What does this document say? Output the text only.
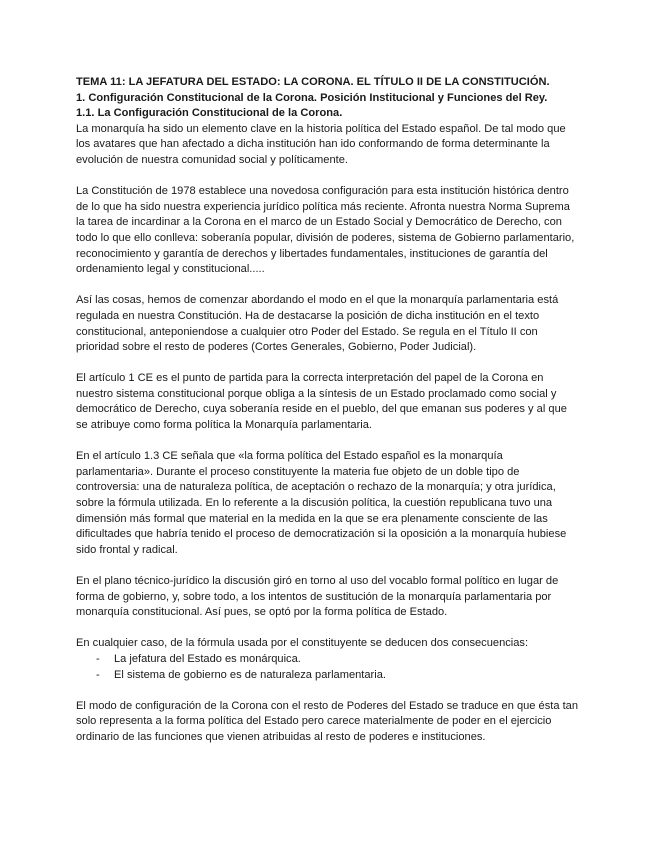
TEMA 11: LA JEFATURA DEL ESTADO: LA CORONA. EL TÍTULO II DE LA CONSTITUCIÓN.

1. Configuración Constitucional de la Corona. Posición Institucional y Funciones del Rey.

1.1. La Configuración Constitucional de la Corona.

La monarquía ha sido un elemento clave en la historia política del Estado español. De tal modo que los avatares que han afectado a dicha institución han ido conformando de forma determinante la evolución de nuestra comunidad social y políticamente.

La Constitución de 1978 establece una novedosa configuración para esta institución histórica dentro de lo que ha sido nuestra experiencia jurídico política más reciente. Afronta nuestra Norma Suprema la tarea de incardinar a la Corona en el marco de un Estado Social y Democrático de Derecho, con todo lo que ello conlleva: soberanía popular, división de poderes, sistema de Gobierno parlamentario, reconocimiento y garantía de derechos y libertades fundamentales, instituciones de garantía del ordenamiento legal y constitucional.....

Así las cosas, hemos de comenzar abordando el modo en el que la monarquía parlamentaria está regulada en nuestra Constitución. Ha de destacarse la posición de dicha institución en el texto constitucional, anteponiendose a cualquier otro Poder del Estado. Se regula en el Título II con prioridad sobre el resto de poderes (Cortes Generales, Gobierno, Poder Judicial).

El artículo 1 CE es el punto de partida para la correcta interpretación del papel de la Corona en nuestro sistema constitucional porque obliga a la síntesis de un Estado proclamado como social y democrático de Derecho, cuya soberanía reside en el pueblo, del que emanan sus poderes y al que se atribuye como forma política la Monarquía parlamentaria.

En el artículo 1.3 CE señala que «la forma política del Estado español es la monarquía parlamentaria». Durante el proceso constituyente la materia fue objeto de un doble tipo de controversia: una de naturaleza política, de aceptación o rechazo de la monarquía; y otra jurídica, sobre la fórmula utilizada. En lo referente a la discusión política, la cuestión republicana tuvo una dimensión más formal que material en la medida en la que se era plenamente consciente de las dificultades que habría tenido el proceso de democratización si la oposición a la monarquía hubiese sido frontal y radical.

En el plano técnico-jurídico la discusión giró en torno al uso del vocablo formal político en lugar de forma de gobierno, y, sobre todo, a los intentos de sustitución de la monarquía parlamentaria por monarquía constitucional. Así pues, se optó por la forma política de Estado.

En cualquier caso, de la fórmula usada por el constituyente se deducen dos consecuencias:

- La jefatura del Estado es monárquica.
- El sistema de gobierno es de naturaleza parlamentaria.

El modo de configuración de la Corona con el resto de Poderes del Estado se traduce en que ésta tan solo representa a la forma política del Estado pero carece materialmente de poder en el ejercicio ordinario de las funciones que vienen atribuidas al resto de poderes e instituciones.
